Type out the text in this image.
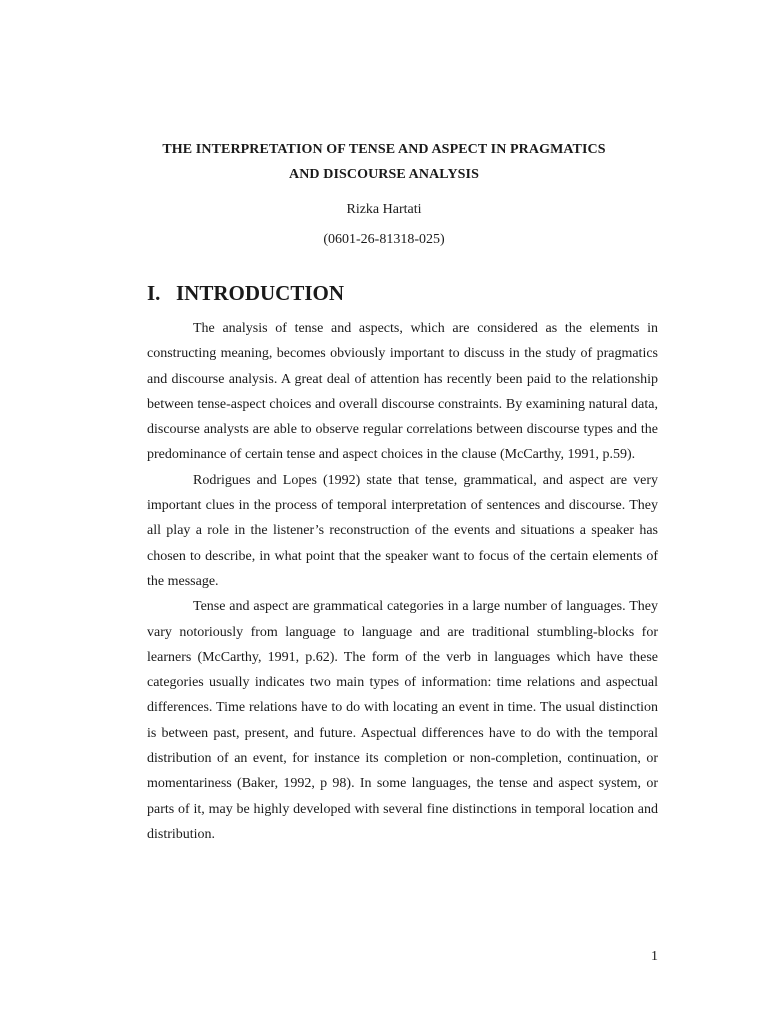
THE INTERPRETATION OF TENSE AND ASPECT IN PRAGMATICS

AND DISCOURSE ANALYSIS

Rizka Hartati
(0601-26-81318-025)
I. INTRODUCTION

The analysis of tense and aspects, which are considered as the elements in constructing meaning, becomes obviously important to discuss in the study of pragmatics and discourse analysis. A great deal of attention has recently been paid to the relationship between tense-aspect choices and overall discourse constraints. By examining natural data, discourse analysts are able to observe regular correlations between discourse types and the predominance of certain tense and aspect choices in the clause (McCarthy, 1991, p.59).

Rodrigues and Lopes (1992) state that tense, grammatical, and aspect are very important clues in the process of temporal interpretation of sentences and discourse. They all play a role in the listener’s reconstruction of the events and situations a speaker has chosen to describe, in what point that the speaker want to focus of the certain elements of the message.

Tense and aspect are grammatical categories in a large number of languages. They vary notoriously from language to language and are traditional stumbling-blocks for learners (McCarthy, 1991, p.62). The form of the verb in languages which have these categories usually indicates two main types of information: time relations and aspectual differences. Time relations have to do with locating an event in time. The usual distinction is between past, present, and future. Aspectual differences have to do with the temporal distribution of an event, for instance its completion or non-completion, continuation, or momentariness (Baker, 1992, p 98). In some languages, the tense and aspect system, or parts of it, may be highly developed with several fine distinctions in temporal location and distribution.

1
